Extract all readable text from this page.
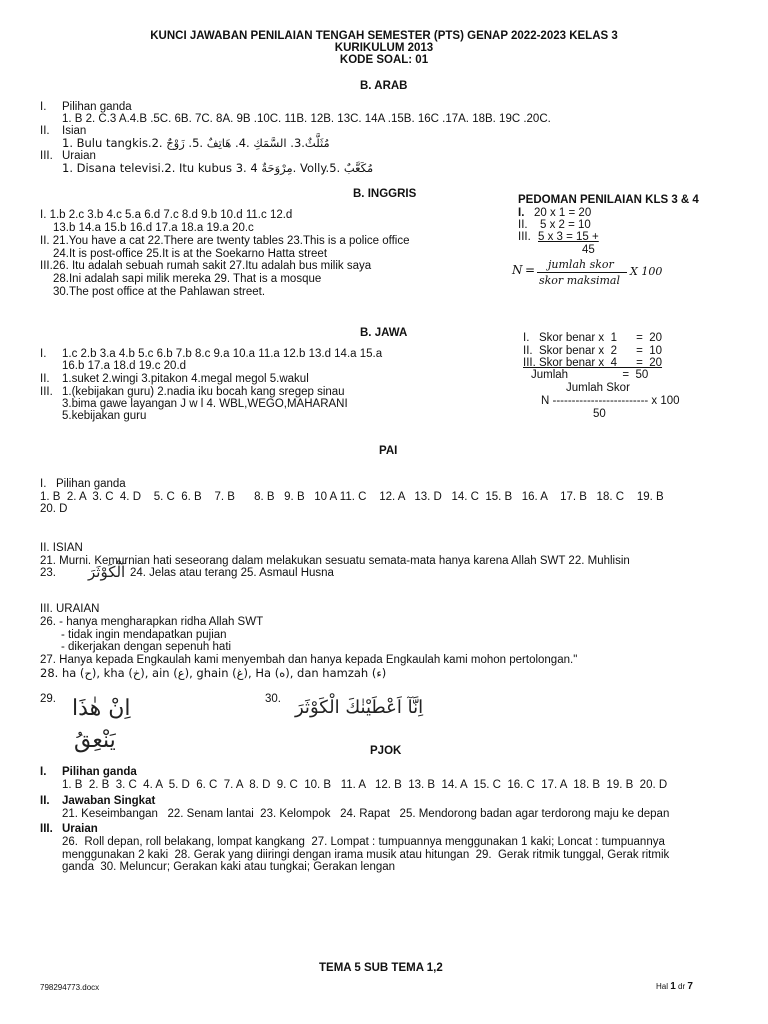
KUNCI JAWABAN PENILAIAN TENGAH SEMESTER (PTS) GENAP 2022-2023 KELAS 3
KURIKULUM 2013
KODE SOAL: 01
B. ARAB
I. Pilihan ganda
1. B 2. C.3 A.4.B .5C. 6B. 7C. 8A. 9B .10C. 11B. 12B. 13C. 14A .15B. 16C .17A. 18B. 19C .20C.
II. Isian
1. Bulu tangkis.2. مُثَلَّثٌ.3. السَّمَكِ .4. هَاتِفٌ .5. زَوْجٌ
III. Uraian
1. Disana televisi.2. Itu kubus 3. 4 مِرْوَحَةٌ. Volly.5. مُكَعَّبٌ
B. INGGRIS
I. 1.b 2.c 3.b 4.c 5.a 6.d 7.c 8.d 9.b 10.d 11.c 12.d
13.b 14.a 15.b 16.d 17.a 18.a 19.a 20.c
II. 21.You have a cat 22.There are twenty tables 23.This is a police office
24.It is post-office 25.It is at the Soekarno Hatta street
III.26. Itu adalah sebuah rumah sakit 27.Itu adalah bus milik saya
28.Ini adalah sapi milik mereka 29. That is a mosque
30.The post office at the Pahlawan street.
PEDOMAN PENILAIAN KLS 3 & 4
I. 20 x 1 = 20
II. 5 x 2 = 10
III. 5 x 3 = 15 +
45
N = jumlah skor
skor maksimal
X 100
B. JAWA
I. 1.c 2.b 3.a 4.b 5.c 6.b 7.b 8.c 9.a 10.a 11.a 12.b 13.d 14.a 15.a
16.b 17.a 18.d 19.c 20.d
II. 1.suket 2.wingi 3.pitakon 4.megal megol 5.wakul
III. 1.(kebijakan guru) 2.nadia iku bocah kang sregep sinau
3.bima gawe layangan J w l 4. WBL,WEGO,MAHARANI
5.kebijakan guru
I.   Skor benar x  1      =  20
II.  Skor benar x  2      =  10
III. Skor benar x  4      =  20
Jumlah                 =  50
Jumlah Skor
N ------------------------- x 100
50
PAI
I.   Pilihan ganda
1. B  2. A  3. C  4. D    5. C  6. B    7. B      8. B   9. B   10 A 11. C    12. A   13. D   14. C  15. B   16. A    17. B   18. C    19. B
20. D
II. ISIAN
21. Murni. Kemurnian hati seseorang dalam melakukan sesuatu semata-mata hanya karena Allah SWT 22. Muhlisin
23. اَلْكَوْثَرَ 24. Jelas atau terang 25. Asmaul Husna
III. URAIAN
26. - hanya mengharapkan ridha Allah SWT
- tidak ingin mendapatkan pujian
- dikerjakan dengan sepenuh hati
27. Hanya kepada Engkaulah kami menyembah dan hanya kepada Engkaulah kami mohon pertolongan."
28. ha (ح), kha (خ), ain (ع), ghain (غ), Ha (ه), dan hamzah (ء)
29. اِنْ هٰذَا
يَنْعِقُ
30. اِنَّآ اَعْطَيْنٰكَ الْكَوْثَرَ
PJOK
I. Pilihan ganda
1. B  2. B  3. C  4. A  5. D  6. C  7. A  8. D  9. C  10. B   11. A   12. B  13. B  14. A  15. C  16. C  17. A  18. B  19. B  20. D
II. Jawaban Singkat
21. Keseimbangan   22. Senam lantai  23. Kelompok   24. Rapat   25. Mendorong badan agar terdorong maju ke depan
III. Uraian
26.  Roll depan, roll belakang, lompat kangkang  27. Lompat : tumpuannya menggunakan 1 kaki; Loncat : tumpuannya
menggunakan 2 kaki  28. Gerak yang diiringi dengan irama musik atau hitungan  29.  Gerak ritmik tunggal, Gerak ritmik
ganda  30. Meluncur; Gerakan kaki atau tungkai; Gerakan lengan
TEMA 5 SUB TEMA 1,2
798294773.docx	Hal 1 dr 7
